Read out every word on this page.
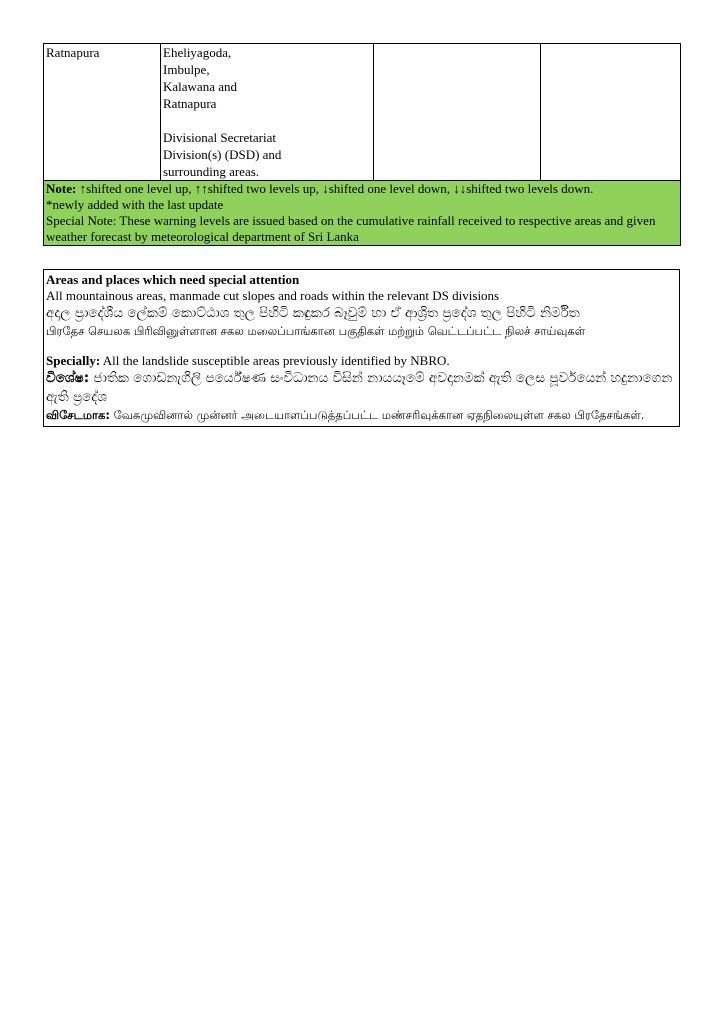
Ratnapura	Eheliyagoda,
Imbulpe,
Kalawana and
Ratnapura
Divisional Secretariat
Division(s) (DSD) and
surrounding areas.

Note: ↑shifted one level up, ↑↑shifted two levels up, ↓shifted one level down, ↓↓shifted two levels down.
*newly added with the last update
Special Note: These warning levels are issued based on the cumulative rainfall received to respective areas and given weather forecast by meteorological department of Sri Lanka

Areas and places which need special attention

All mountainous areas, manmade cut slopes and roads within the relevant DS divisions

අදාල ප්‍රාදේශීය ලේකම් කොට්ඨාශ තුල පිහිටි කඳුකර බෑවුම් හා ඒ ආශ්‍රිත ප්‍රදේශ තුල පිහිටි නිර්මිත

பிரதேச செயலக பிரிவினுள்ளான சகல மலைப்பாங்கான பகுதிகள் மற்றும் வெட்டப்பட்ட நிலச் சாய்வுகள்

Specially: All the landslide susceptible areas previously identified by NBRO.

විශේෂ: ජාතික ගොඩනැගිලි පර්යේෂණ සංවිධානය විසින් නායයෑමේ අවදානමක් ඇති ලෙස පූර්වයෙන් හදුනාගෙන ඇති ප්‍රදේශ

விசேடமாக: வேசுமுவினால் முன்னர் அடையாளப்படுத்தப்பட்ட மண்சரிவுக்கான ஏதநிலையுள்ள சகல பிரதேசங்கள்.
